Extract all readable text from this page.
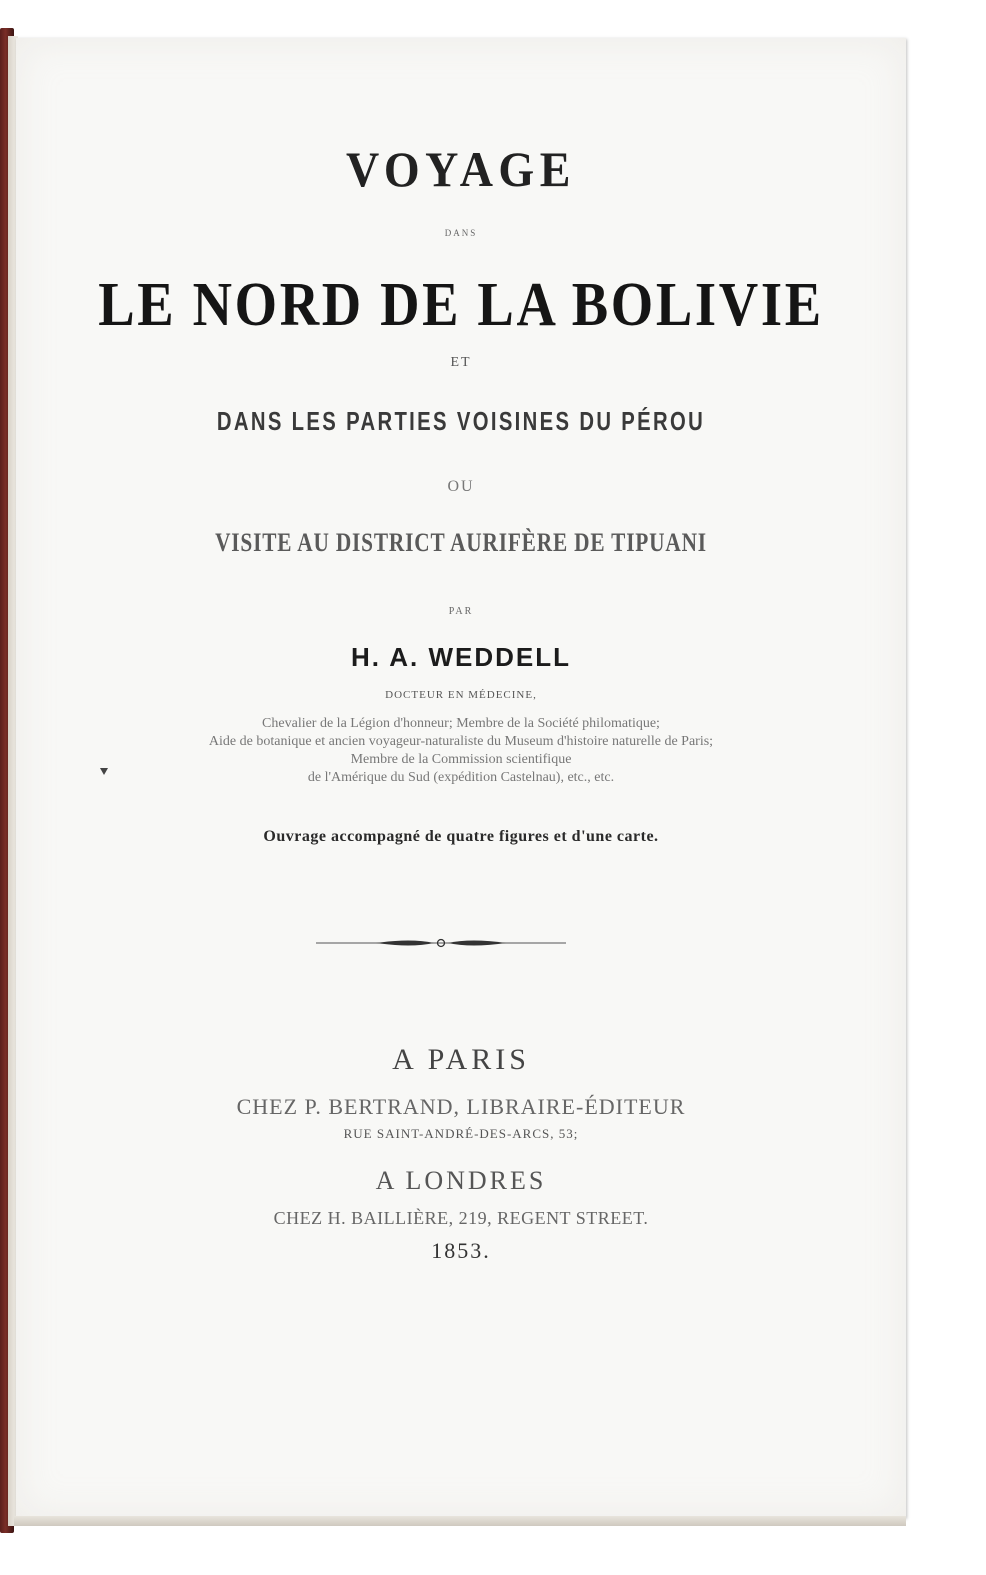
VOYAGE
dans
LE NORD DE LA BOLIVIE
ET
DANS LES PARTIES VOISINES DU PÉROU
OU
VISITE AU DISTRICT AURIFÈRE DE TIPUANI
par
H. A. WEDDELL
DOCTEUR EN MÉDECINE,
Chevalier de la Légion d'honneur; Membre de la Société philomatique;
Aide de botanique et ancien voyageur-naturaliste du Museum d'histoire naturelle de Paris;
Membre de la Commission scientifique
de l'Amérique du Sud (expédition Castelnau), etc., etc.
Ouvrage accompagné de quatre figures et d'une carte.
A PARIS
CHEZ P. BERTRAND, LIBRAIRE-ÉDITEUR
RUE SAINT-ANDRÉ-DES-ARCS, 53;
A LONDRES
CHEZ H. BAILLIÈRE, 219, REGENT STREET.
1853.
